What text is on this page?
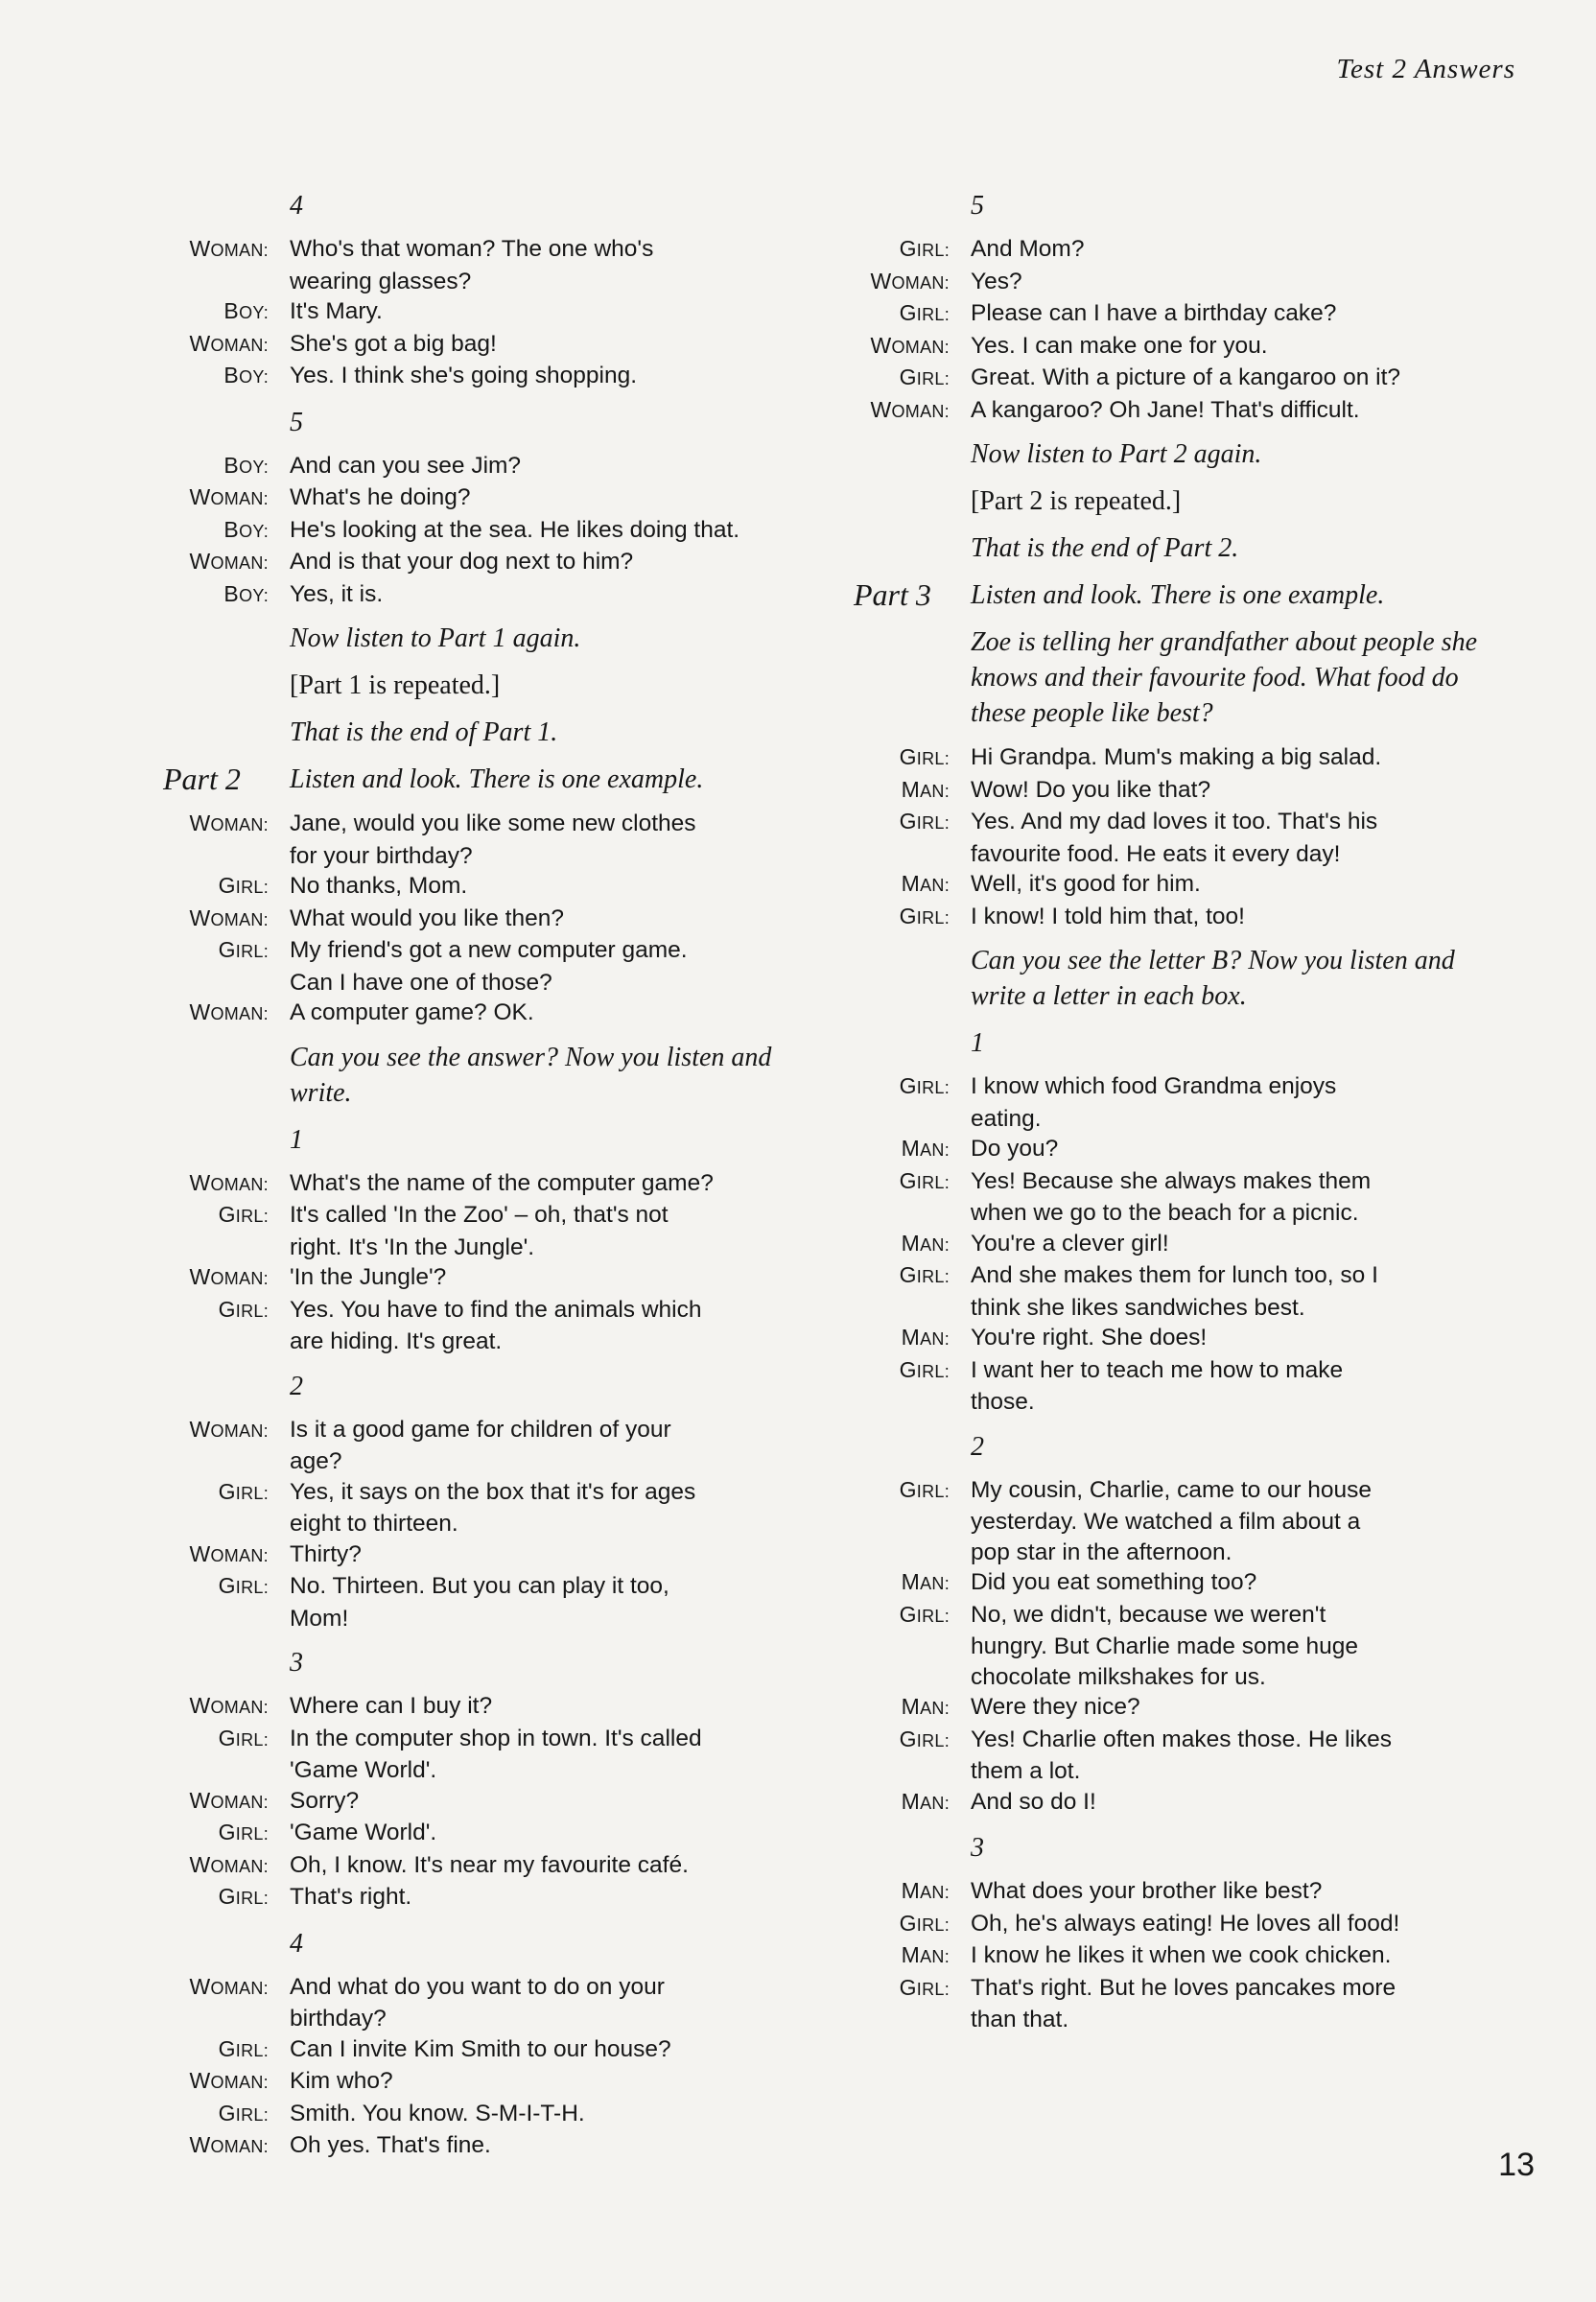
Test 2 Answers
4
WOMAN: Who's that woman? The one who's
wearing glasses?
BOY: It's Mary.
WOMAN: She's got a big bag!
BOY: Yes. I think she's going shopping.
5
BOY: And can you see Jim?
WOMAN: What's he doing?
BOY: He's looking at the sea. He likes doing that.
WOMAN: And is that your dog next to him?
BOY: Yes, it is.
Now listen to Part 1 again.
[Part 1 is repeated.]
That is the end of Part 1.
Part 2	Listen and look. There is one example.
WOMAN: Jane, would you like some new clothes
for your birthday?
GIRL: No thanks, Mom.
WOMAN: What would you like then?
GIRL: My friend's got a new computer game.
Can I have one of those?
WOMAN: A computer game? OK.
Can you see the answer? Now you listen and write.
1
WOMAN: What's the name of the computer game?
GIRL: It's called 'In the Zoo' – oh, that's not
right. It's 'In the Jungle'.
WOMAN: 'In the Jungle'?
GIRL: Yes. You have to find the animals which
are hiding. It's great.
2
WOMAN: Is it a good game for children of your
age?
GIRL: Yes, it says on the box that it's for ages
eight to thirteen.
WOMAN: Thirty?
GIRL: No. Thirteen. But you can play it too,
Mom!
3
WOMAN: Where can I buy it?
GIRL: In the computer shop in town. It's called
'Game World'.
WOMAN: Sorry?
GIRL: 'Game World'.
WOMAN: Oh, I know. It's near my favourite café.
GIRL: That's right.
4
WOMAN: And what do you want to do on your
birthday?
GIRL: Can I invite Kim Smith to our house?
WOMAN: Kim who?
GIRL: Smith. You know. S-M-I-T-H.
WOMAN: Oh yes. That's fine.
5
GIRL: And Mom?
WOMAN: Yes?
GIRL: Please can I have a birthday cake?
WOMAN: Yes. I can make one for you.
GIRL: Great. With a picture of a kangaroo on it?
WOMAN: A kangaroo? Oh Jane! That's difficult.
Now listen to Part 2 again.
[Part 2 is repeated.]
That is the end of Part 2.
Part 3	Listen and look. There is one example.
Zoe is telling her grandfather about people she knows and their favourite food. What food do these people like best?
GIRL: Hi Grandpa. Mum's making a big salad.
MAN: Wow! Do you like that?
GIRL: Yes. And my dad loves it too. That's his
favourite food. He eats it every day!
MAN: Well, it's good for him.
GIRL: I know! I told him that, too!
Can you see the letter B? Now you listen and write a letter in each box.
1
GIRL: I know which food Grandma enjoys
eating.
MAN: Do you?
GIRL: Yes! Because she always makes them
when we go to the beach for a picnic.
MAN: You're a clever girl!
GIRL: And she makes them for lunch too, so I
think she likes sandwiches best.
MAN: You're right. She does!
GIRL: I want her to teach me how to make
those.
2
GIRL: My cousin, Charlie, came to our house
yesterday. We watched a film about a
pop star in the afternoon.
MAN: Did you eat something too?
GIRL: No, we didn't, because we weren't
hungry. But Charlie made some huge
chocolate milkshakes for us.
MAN: Were they nice?
GIRL: Yes! Charlie often makes those. He likes
them a lot.
MAN: And so do I!
3
MAN: What does your brother like best?
GIRL: Oh, he's always eating! He loves all food!
MAN: I know he likes it when we cook chicken.
GIRL: That's right. But he loves pancakes more
than that.
13
